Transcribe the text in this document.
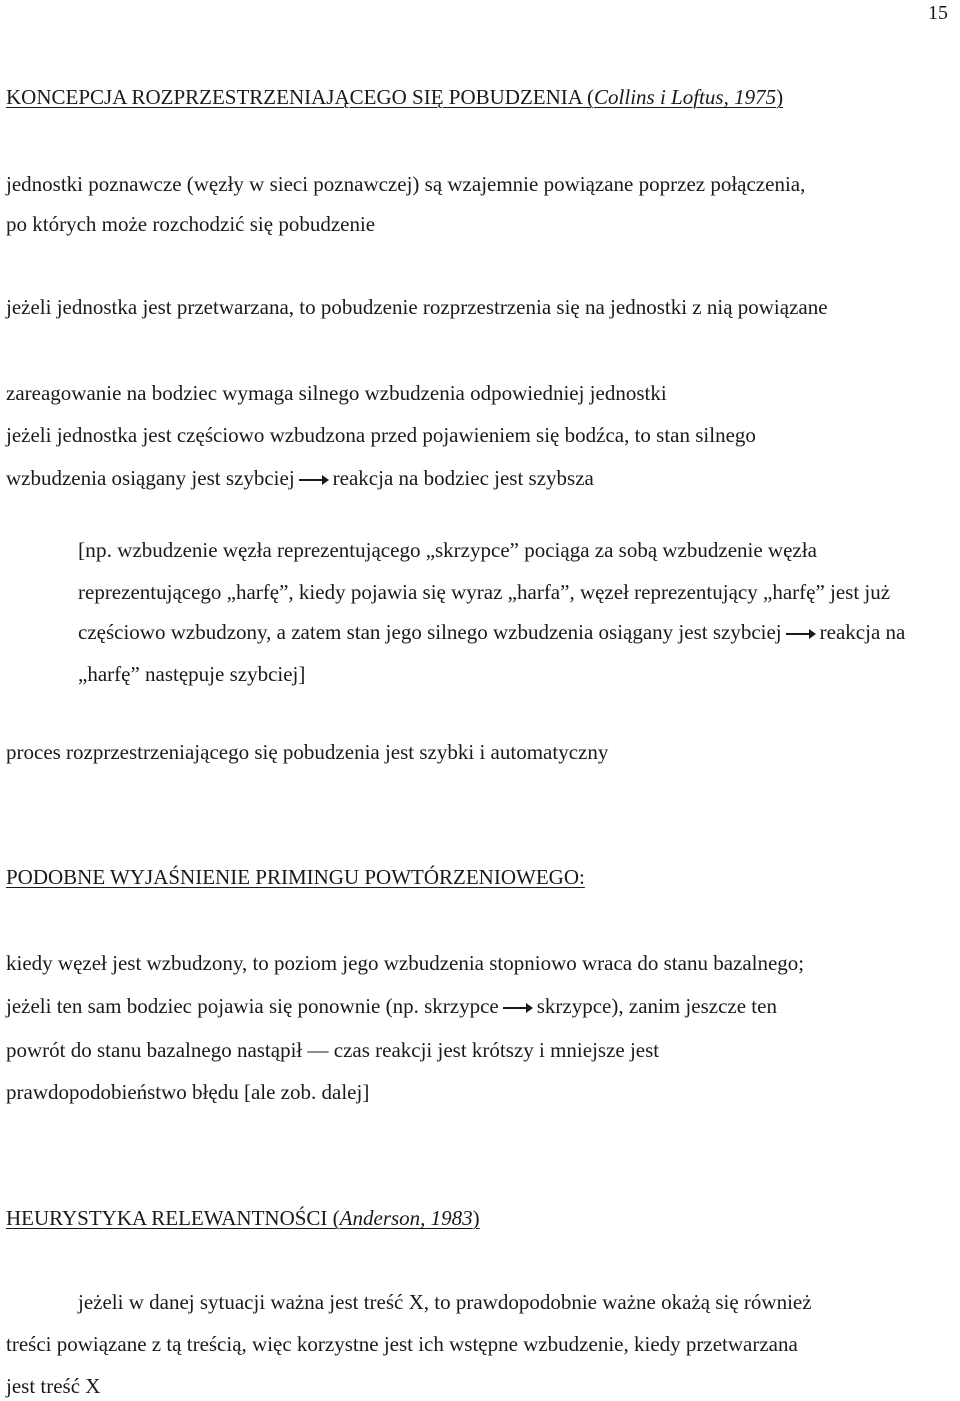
15
KONCEPCJA ROZPRZESTRZENIAJĄCEGO SIĘ POBUDZENIA (Collins i Loftus, 1975)
jednostki poznawcze (węzły w sieci poznawczej) są wzajemnie powiązane poprzez połączenia,
po których może rozchodzić się pobudzenie
jeżeli jednostka jest przetwarzana, to pobudzenie rozprzestrzenia się na jednostki z nią powiązane
zareagowanie na bodziec wymaga silnego wzbudzenia odpowiedniej jednostki
jeżeli jednostka jest częściowo wzbudzona przed pojawieniem się bodźca, to stan silnego
wzbudzenia osiągany jest szybciej reakcja na bodziec jest szybsza
[np. wzbudzenie węzła reprezentującego „skrzypce” pociąga za sobą wzbudzenie węzła
reprezentującego „harfę”, kiedy pojawia się wyraz „harfa”, węzeł reprezentujący „harfę” jest już
częściowo wzbudzony, a zatem stan jego silnego wzbudzenia osiągany jest szybciej reakcja na
„harfę” następuje szybciej]
proces rozprzestrzeniającego się pobudzenia jest szybki i automatyczny
PODOBNE WYJAŚNIENIE PRIMINGU POWTÓRZENIOWEGO:
kiedy węzeł jest wzbudzony, to poziom jego wzbudzenia stopniowo wraca do stanu bazalnego;
jeżeli ten sam bodziec pojawia się ponownie (np. skrzypce skrzypce), zanim jeszcze ten
powrót do stanu bazalnego nastąpił — czas reakcji jest krótszy i mniejsze jest
prawdopodobieństwo błędu [ale zob. dalej]
HEURYSTYKA RELEWANTNOŚCI (Anderson, 1983)
jeżeli w danej sytuacji ważna jest treść X, to prawdopodobnie ważne okażą się również
treści powiązane z tą treścią, więc korzystne jest ich wstępne wzbudzenie, kiedy przetwarzana
jest treść X
